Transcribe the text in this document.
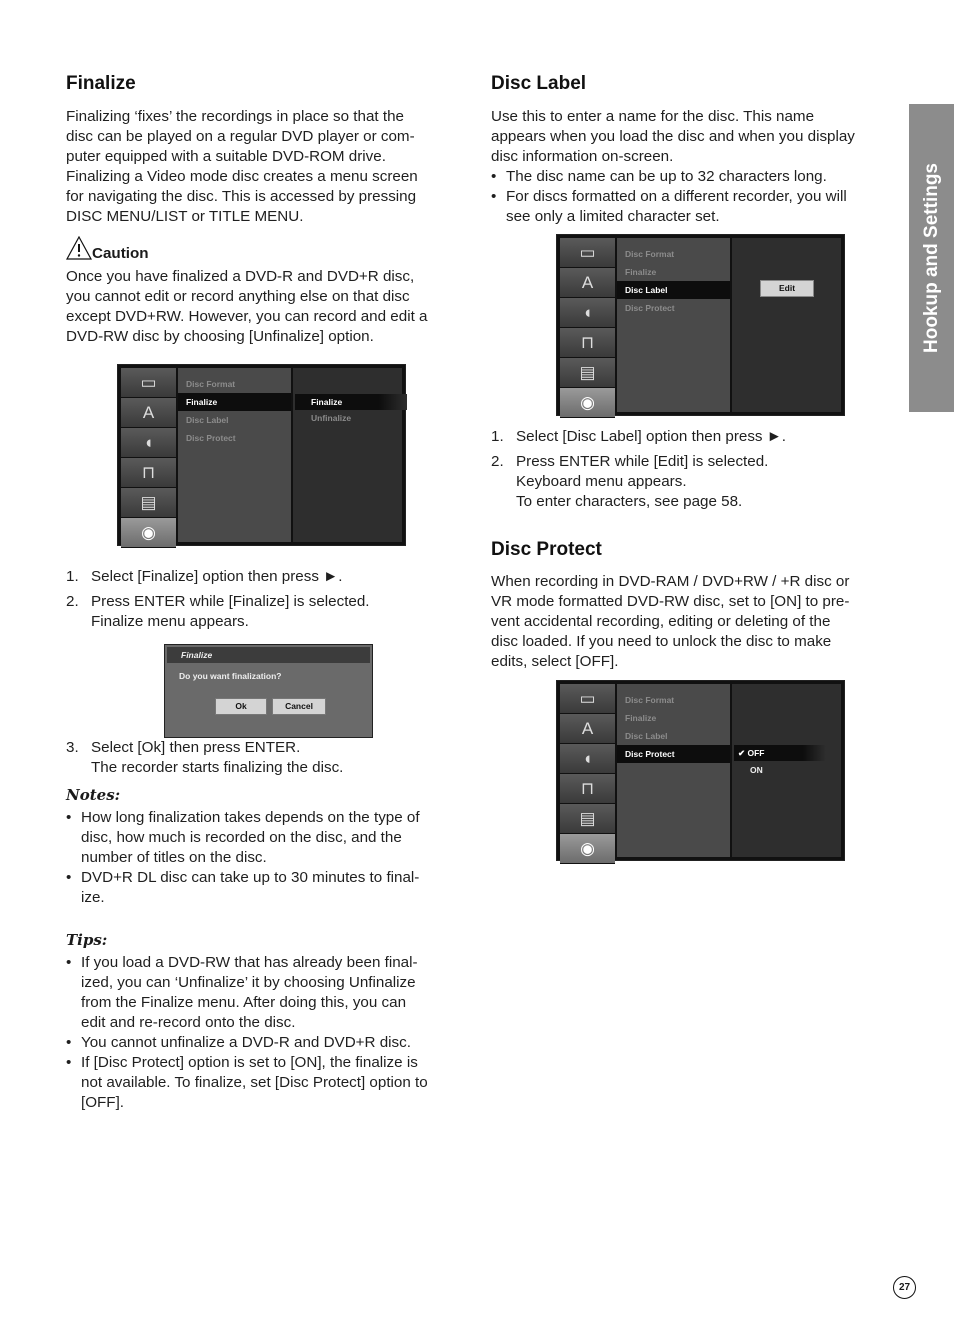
Finalize
Finalizing ‘fixes’ the recordings in place so that the
disc can be played on a regular DVD player or com-
puter equipped with a suitable DVD-ROM drive.
Finalizing a Video mode disc creates a menu screen
for navigating the disc. This is accessed by pressing
DISC MENU/LIST or TITLE MENU.
Caution
Once you have finalized a DVD-R and DVD+R disc,
you cannot edit or record anything else on that disc
except DVD+RW. However, you can record and edit a
DVD-RW disc by choosing [Unfinalize] option.
▭
A
◖
⊓
▤
◉
Disc Format
Finalize
Disc Label
Disc Protect
Finalize
Unfinalize
1. Select [Finalize] option then press ►.
2. Press ENTER while [Finalize] is selected.
Finalize menu appears.
Finalize
Do you want finalization?
Ok	Cancel
3. Select [Ok] then press ENTER.
The recorder starts finalizing the disc.
Notes:
• How long finalization takes depends on the type of
disc, how much is recorded on the disc, and the
number of titles on the disc.
• DVD+R DL disc can take up to 30 minutes to final-
ize.
Tips:
• If you load a DVD-RW that has already been final-
ized, you can ‘Unfinalize’ it by choosing Unfinalize
from the Finalize menu. After doing this, you can
edit and re-record onto the disc.
• You cannot unfinalize a DVD-R and DVD+R disc.
• If [Disc Protect] option is set to [ON], the finalize is
not available. To finalize, set [Disc Protect] option to
[OFF].
Disc Label
Use this to enter a name for the disc. This name
appears when you load the disc and when you display
disc information on-screen.
• The disc name can be up to 32 characters long.
• For discs formatted on a different recorder, you will
see only a limited character set.
▭
A
◖
⊓
▤
◉
Disc Format
Finalize
Disc Label
Disc Protect
Edit
1. Select [Disc Label] option then press ►.
2. Press ENTER while [Edit] is selected.
Keyboard menu appears.
To enter characters, see page 58.
Disc Protect
When recording in DVD-RAM / DVD+RW / +R disc or
VR mode formatted DVD-RW disc, set to [ON] to pre-
vent accidental recording, editing or deleting of the
disc loaded. If you need to unlock the disc to make
edits, select [OFF].
▭
A
◖
⊓
▤
◉
Disc Format
Finalize
Disc Label
Disc Protect	✔ OFF
ON
Hookup and Settings
27
